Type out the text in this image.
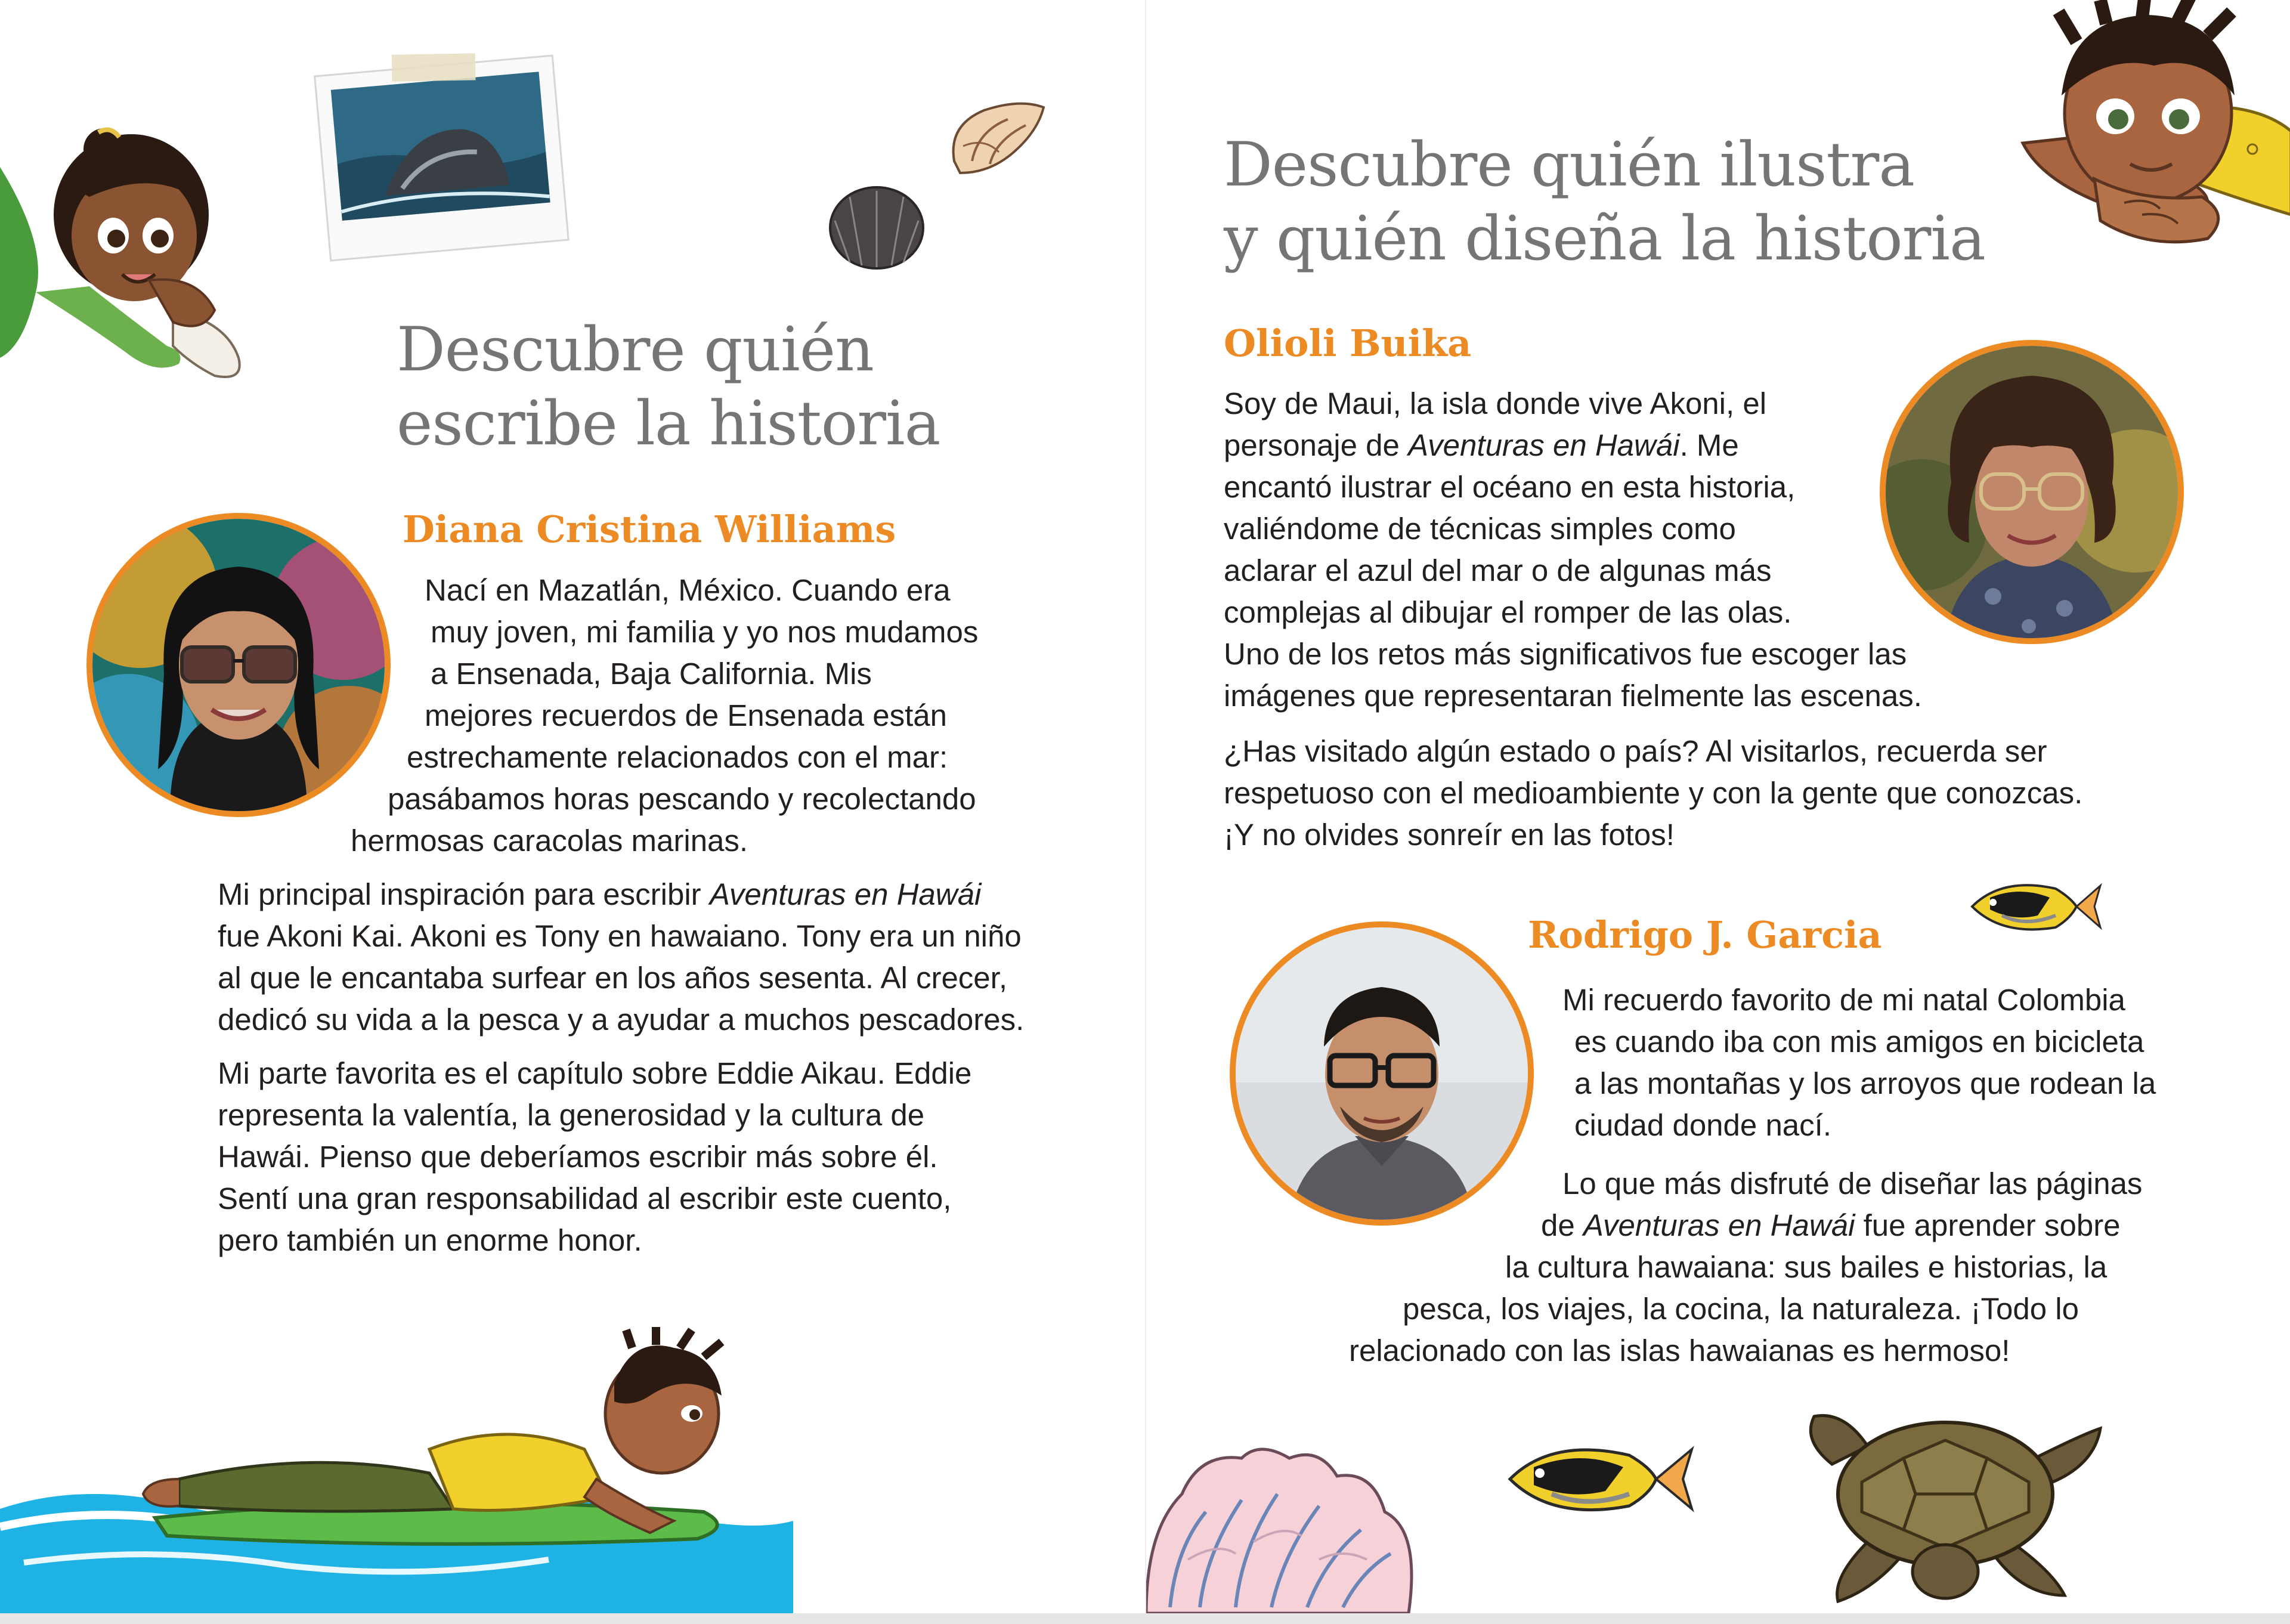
Descubre quién
escribe la historia
Diana Cristina Williams
Nací en Mazatlán, México. Cuando era
muy joven, mi familia y yo nos mudamos
a Ensenada, Baja California. Mis
mejores recuerdos de Ensenada están
estrechamente relacionados con el mar:
pasábamos horas pescando y recolectando
hermosas caracolas marinas.
Mi principal inspiración para escribir Aventuras en Hawái
fue Akoni Kai. Akoni es Tony en hawaiano. Tony era un niño
al que le encantaba surfear en los años sesenta. Al crecer,
dedicó su vida a la pesca y a ayudar a muchos pescadores.
Mi parte favorita es el capítulo sobre Eddie Aikau. Eddie
representa la valentía, la generosidad y la cultura de
Hawái. Pienso que deberíamos escribir más sobre él.
Sentí una gran responsabilidad al escribir este cuento,
pero también un enorme honor.
Descubre quién ilustra
y quién diseña la historia
Olioli Buika
Soy de Maui, la isla donde vive Akoni, el
personaje de Aventuras en Hawái. Me
encantó ilustrar el océano en esta historia,
valiéndome de técnicas simples como
aclarar el azul del mar o de algunas más
complejas al dibujar el romper de las olas.
Uno de los retos más significativos fue escoger las
imágenes que representaran fielmente las escenas.
¿Has visitado algún estado o país? Al visitarlos, recuerda ser
respetuoso con el medioambiente y con la gente que conozcas.
¡Y no olvides sonreír en las fotos!
Rodrigo J. Garcia
Mi recuerdo favorito de mi natal Colombia
es cuando iba con mis amigos en bicicleta
a las montañas y los arroyos que rodean la
ciudad donde nací.
Lo que más disfruté de diseñar las páginas
de Aventuras en Hawái fue aprender sobre
la cultura hawaiana: sus bailes e historias, la
pesca, los viajes, la cocina, la naturaleza. ¡Todo lo
relacionado con las islas hawaianas es hermoso!
